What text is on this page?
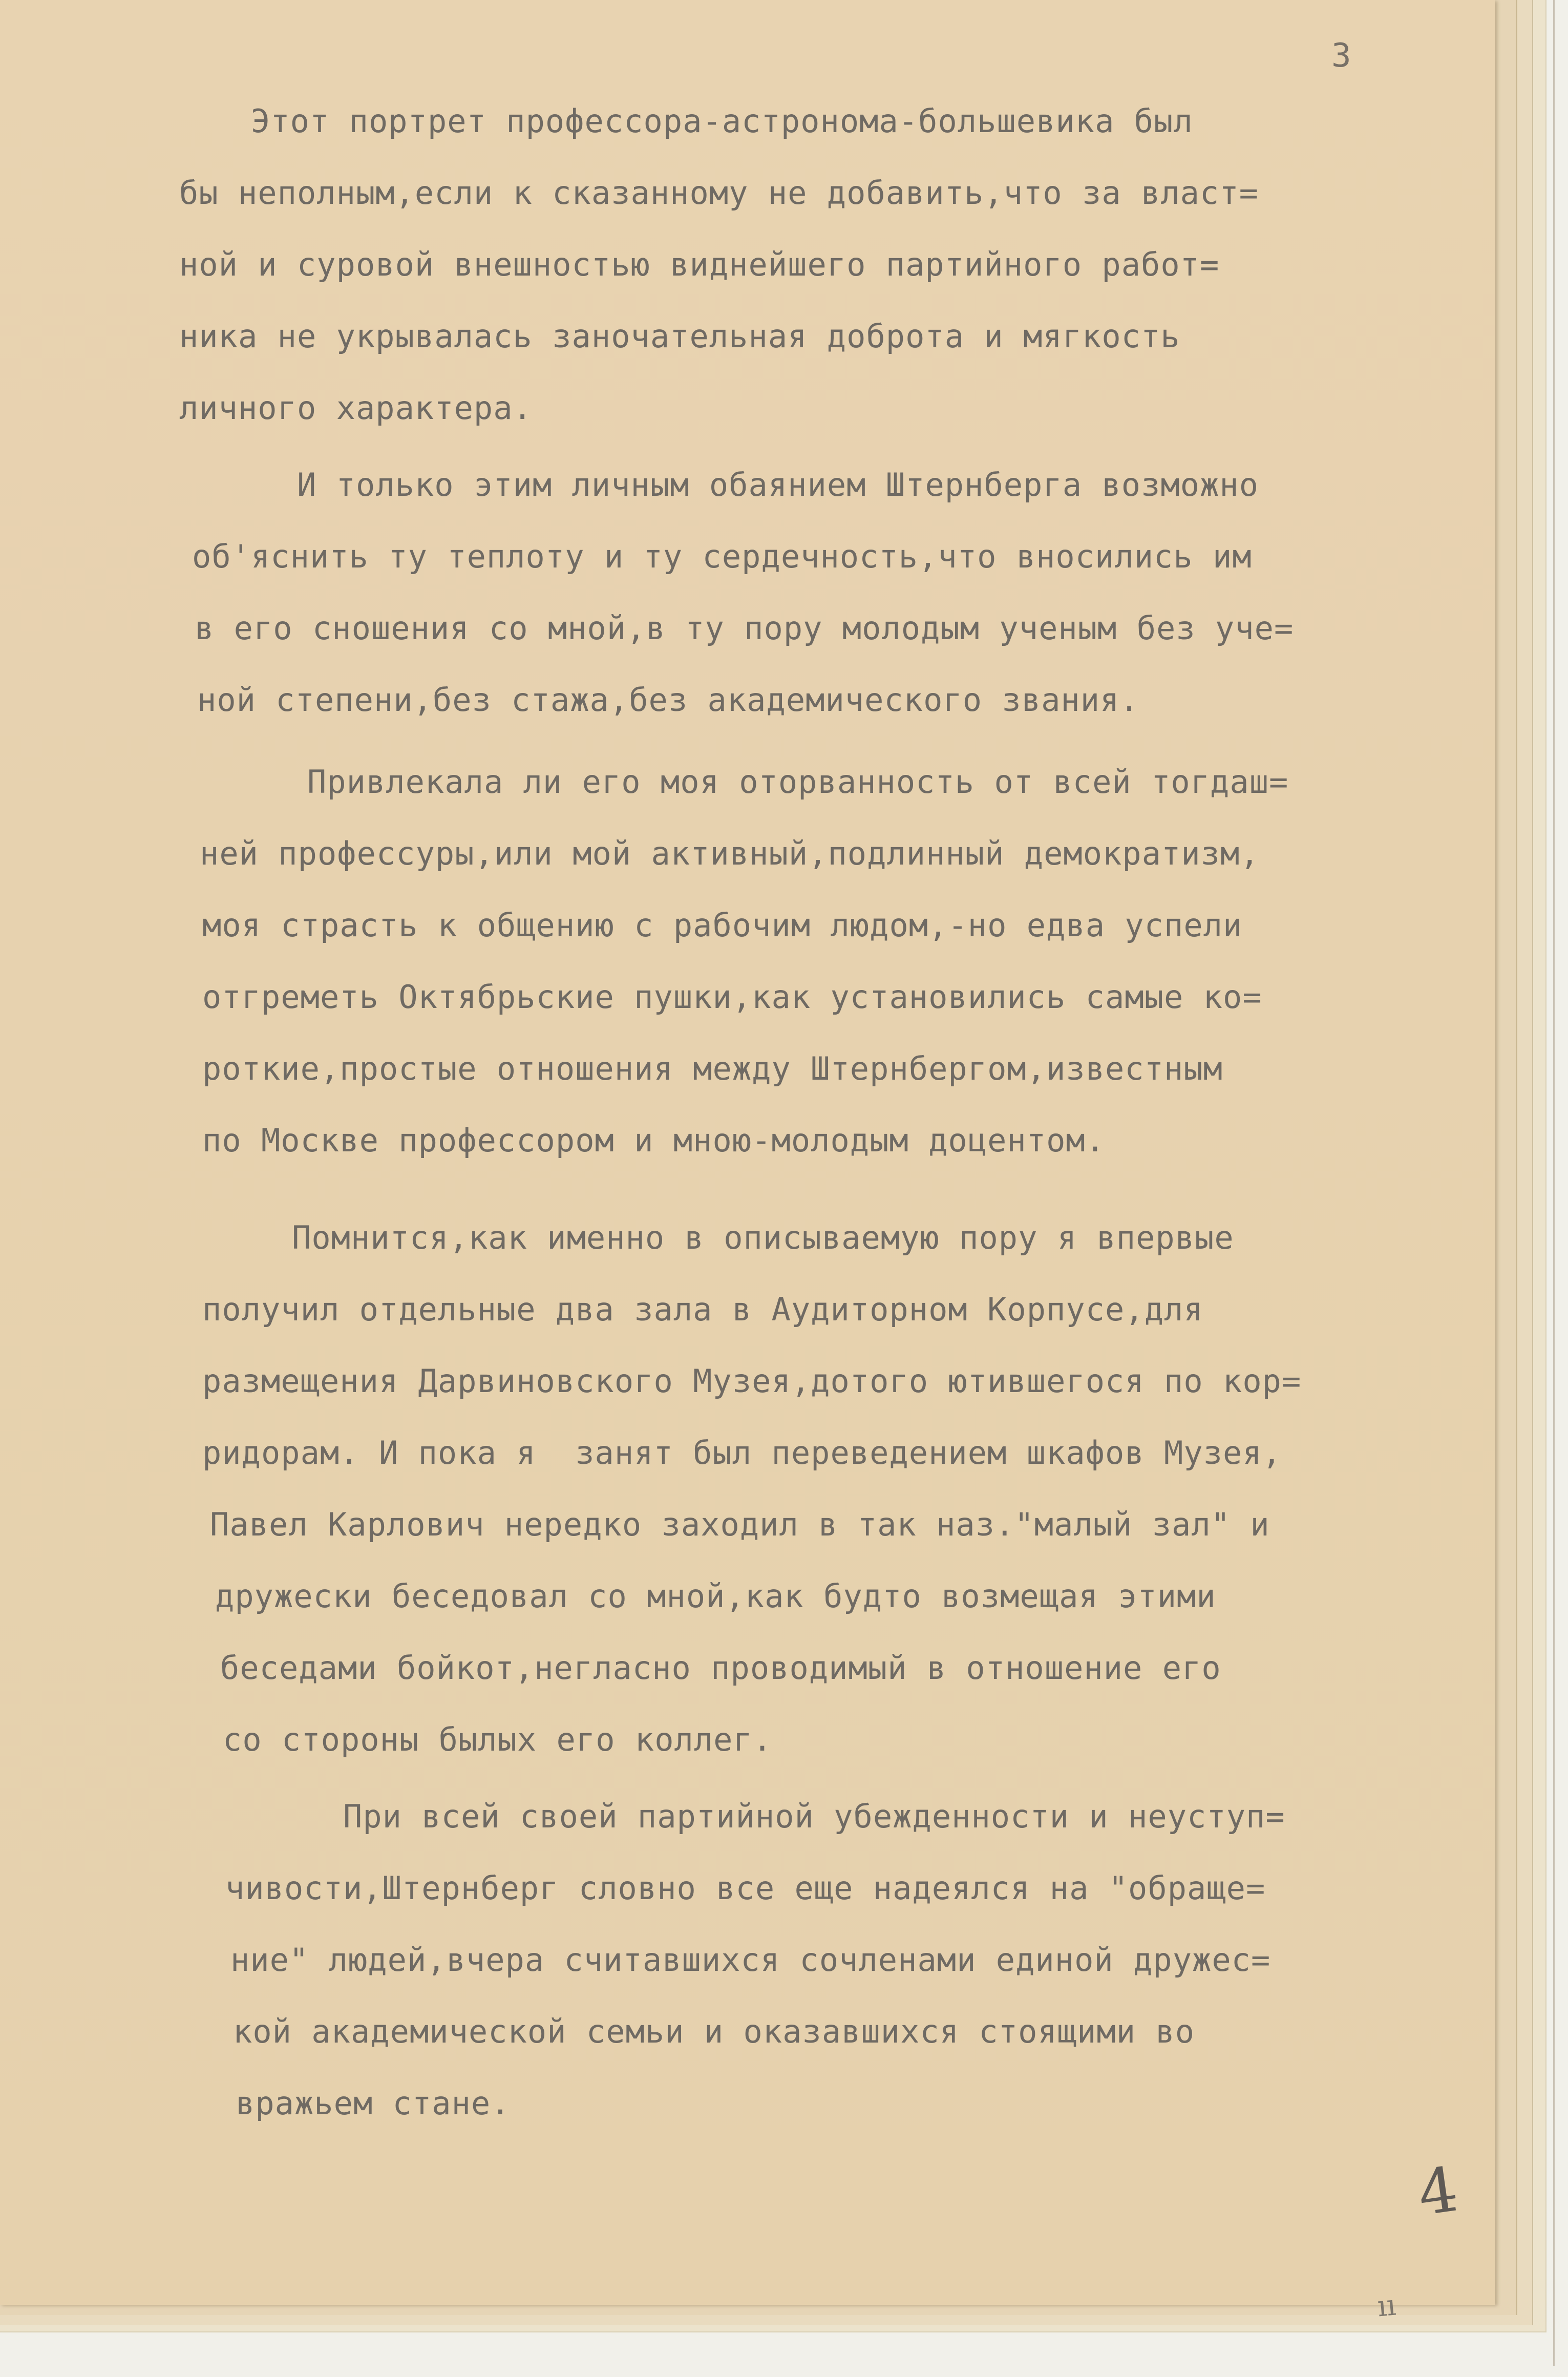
3
Этот портрет профессора-астронома-большевика был
бы неполным,если к сказанному не добавить,что за власт=
ной и суровой внешностью виднейшего партийного работ=
ника не укрывалась заночательная доброта и мягкость
личного характера.
И только этим личным обаянием Штернберга возможно
об'яснить ту теплоту и ту сердечность,что вносились им
в его сношения со мной,в ту пору молодым ученым без уче=
ной степени,без стажа,без академического звания.
Привлекала ли его моя оторванность от всей тогдаш=
ней профессуры,или мой активный,подлинный демократизм,
моя страсть к общению с рабочим людом,-но едва успели
отгреметь Октябрьские пушки,как установились самые ко=
роткие,простые отношения между Штернбергом,известным
по Москве профессором и мною-молодым доцентом.
Помнится,как именно в описываемую пору я впервые
получил отдельные два зала в Аудиторном Корпусе,для
размещения Дарвиновского Музея,дотого ютившегося по кор=
ридорам. И пока я  занят был переведением шкафов Музея,
Павел Карлович нередко заходил в так наз."малый зал" и
дружески беседовал со мной,как будто возмещая этими
беседами бойкот,негласно проводимый в отношение его
со стороны былых его коллег.
При всей своей партийной убежденности и неуступ=
чивости,Штернберг словно все еще надеялся на "обраще=
ние" людей,вчера считавшихся сочленами единой дружес=
кой академической семьи и оказавшихся стоящими во
вражьем стане.
4
ıı
